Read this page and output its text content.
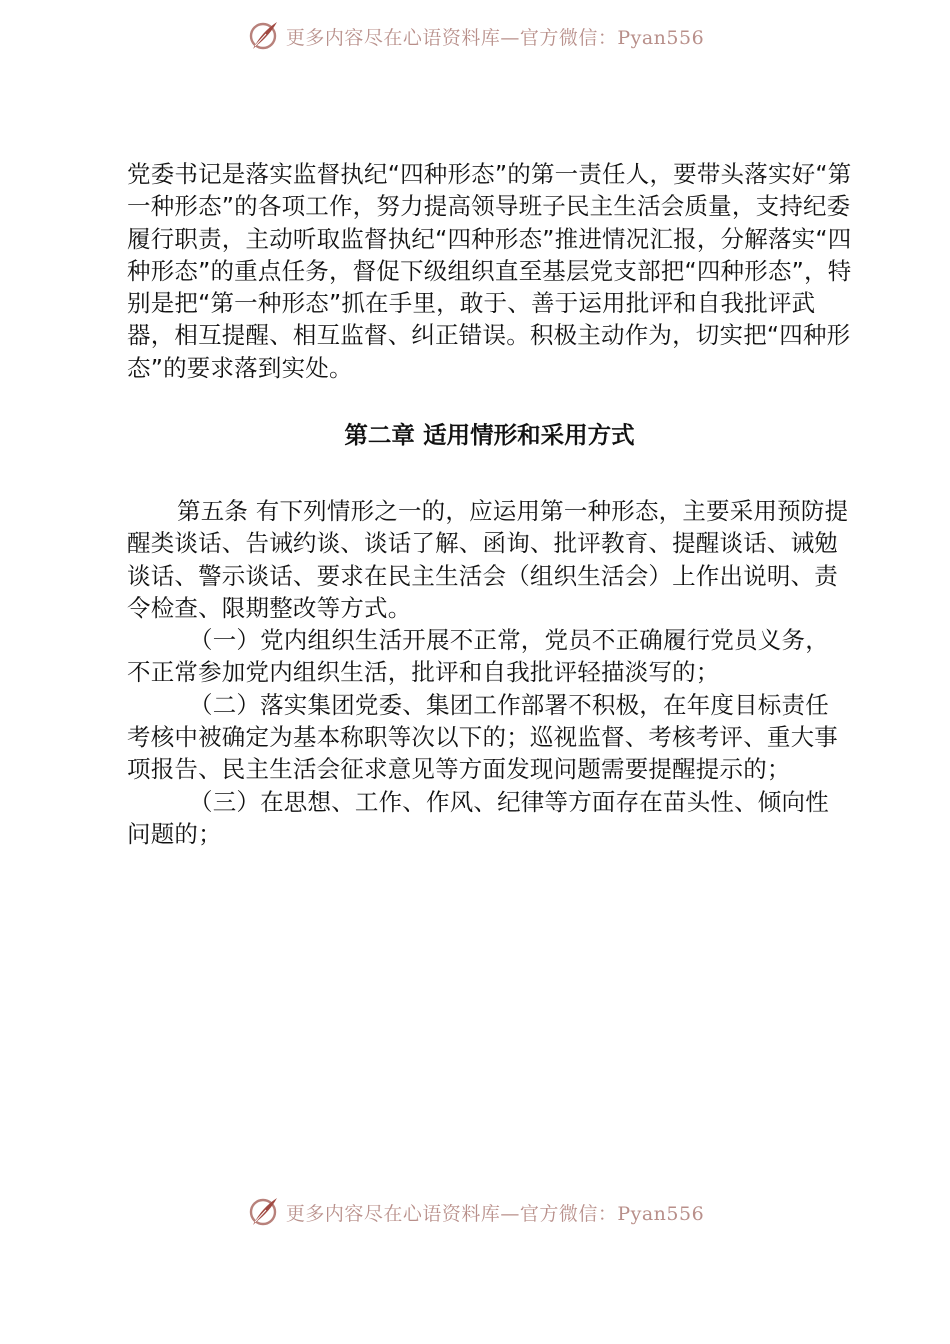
更多内容尽在心语资料库—官方微信：Pyan556

党委书记是落实监督执纪“四种形态”的第一责任人，要带头落实好“第一种形态”的各项工作，努力提高领导班子民主生活会质量，支持纪委履行职责，主动听取监督执纪“四种形态”推进情况汇报，分解落实“四种形态”的重点任务，督促下级组织直至基层党支部把“四种形态”，特别是把“第一种形态”抓在手里，敢于、善于运用批评和自我批评武器，相互提醒、相互监督、纠正错误。积极主动作为，切实把“四种形态”的要求落到实处。

第二章 适用情形和采用方式

第五条 有下列情形之一的，应运用第一种形态，主要采用预防提醒类谈话、告诫约谈、谈话了解、函询、批评教育、提醒谈话、诫勉谈话、警示谈话、要求在民主生活会（组织生活会）上作出说明、责令检查、限期整改等方式。

（一）党内组织生活开展不正常，党员不正确履行党员义务，不正常参加党内组织生活，批评和自我批评轻描淡写的；

（二）落实集团党委、集团工作部署不积极，在年度目标责任考核中被确定为基本称职等次以下的；巡视监督、考核考评、重大事项报告、民主生活会征求意见等方面发现问题需要提醒提示的；

（三）在思想、工作、作风、纪律等方面存在苗头性、倾向性问题的；

更多内容尽在心语资料库—官方微信：Pyan556
